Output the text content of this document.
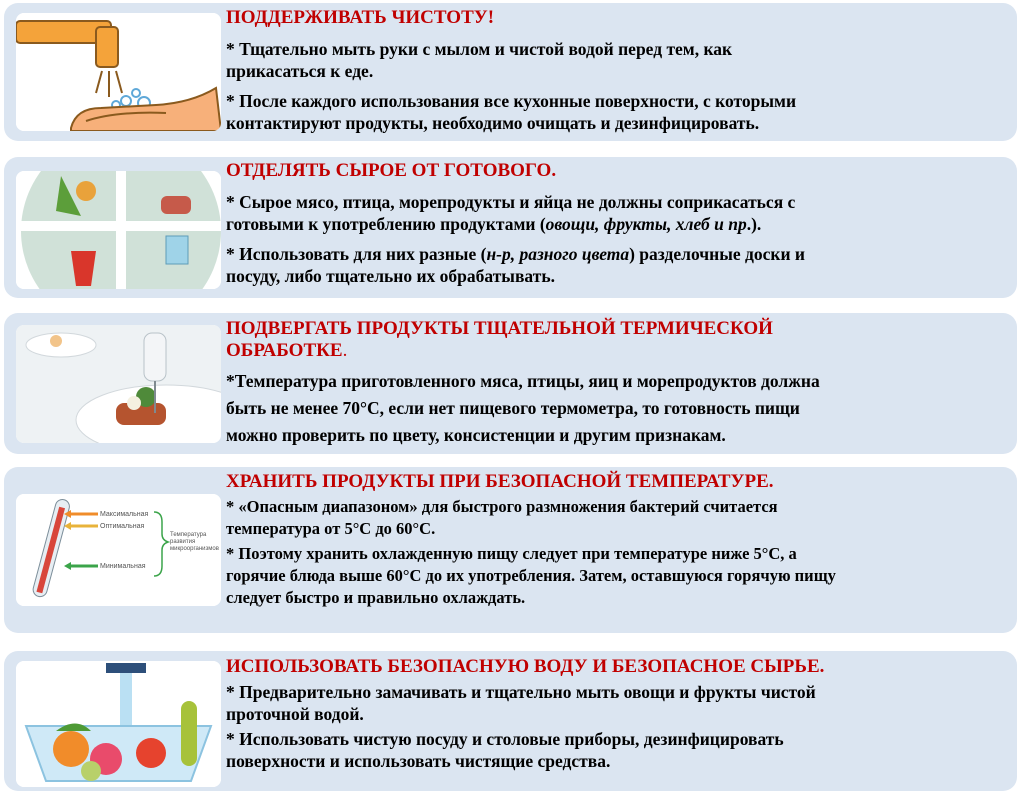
ПОДДЕРЖИВАТЬ ЧИСТОТУ!

* Тщательно мыть руки с мылом и чистой водой перед тем, как

прикасаться к еде.

* После каждого использования все кухонные поверхности, с которыми

контактируют продукты, необходимо очищать и дезинфицировать.

ОТДЕЛЯТЬ СЫРОЕ ОТ ГОТОВОГО.

* Сырое мясо, птица, морепродукты и яйца не должны соприкасаться с

готовыми к употреблению продуктами (овощи, фрукты, хлеб и пр.).

* Использовать для них разные (н-р, разного цвета) разделочные доски и

посуду, либо тщательно их обрабатывать.

ПОДВЕРГАТЬ ПРОДУКТЫ ТЩАТЕЛЬНОЙ ТЕРМИЧЕСКОЙ

ОБРАБОТКЕ.

*Температура приготовленного мяса, птицы, яиц и морепродуктов должна

быть не менее 70°С, если нет пищевого термометра, то готовность пищи

можно проверить по цвету, консистенции и другим признакам.

Максимальная
Оптимальная
Минимальная
Температура развития микроорганизмов

ХРАНИТЬ ПРОДУКТЫ ПРИ БЕЗОПАСНОЙ ТЕМПЕРАТУРЕ.

* «Опасным диапазоном» для быстрого размножения бактерий считается

температура от 5°С до 60°С.

* Поэтому хранить охлажденную пищу следует при температуре ниже 5°С, а

горячие блюда выше 60°С до их употребления. Затем, оставшуюся горячую пищу

следует быстро и правильно охлаждать.

ИСПОЛЬЗОВАТЬ БЕЗОПАСНУЮ ВОДУ И БЕЗОПАСНОЕ СЫРЬЕ.

* Предварительно замачивать и тщательно мыть овощи и фрукты чистой

проточной водой.

* Использовать чистую посуду и столовые приборы, дезинфицировать

поверхности и использовать чистящие средства.
